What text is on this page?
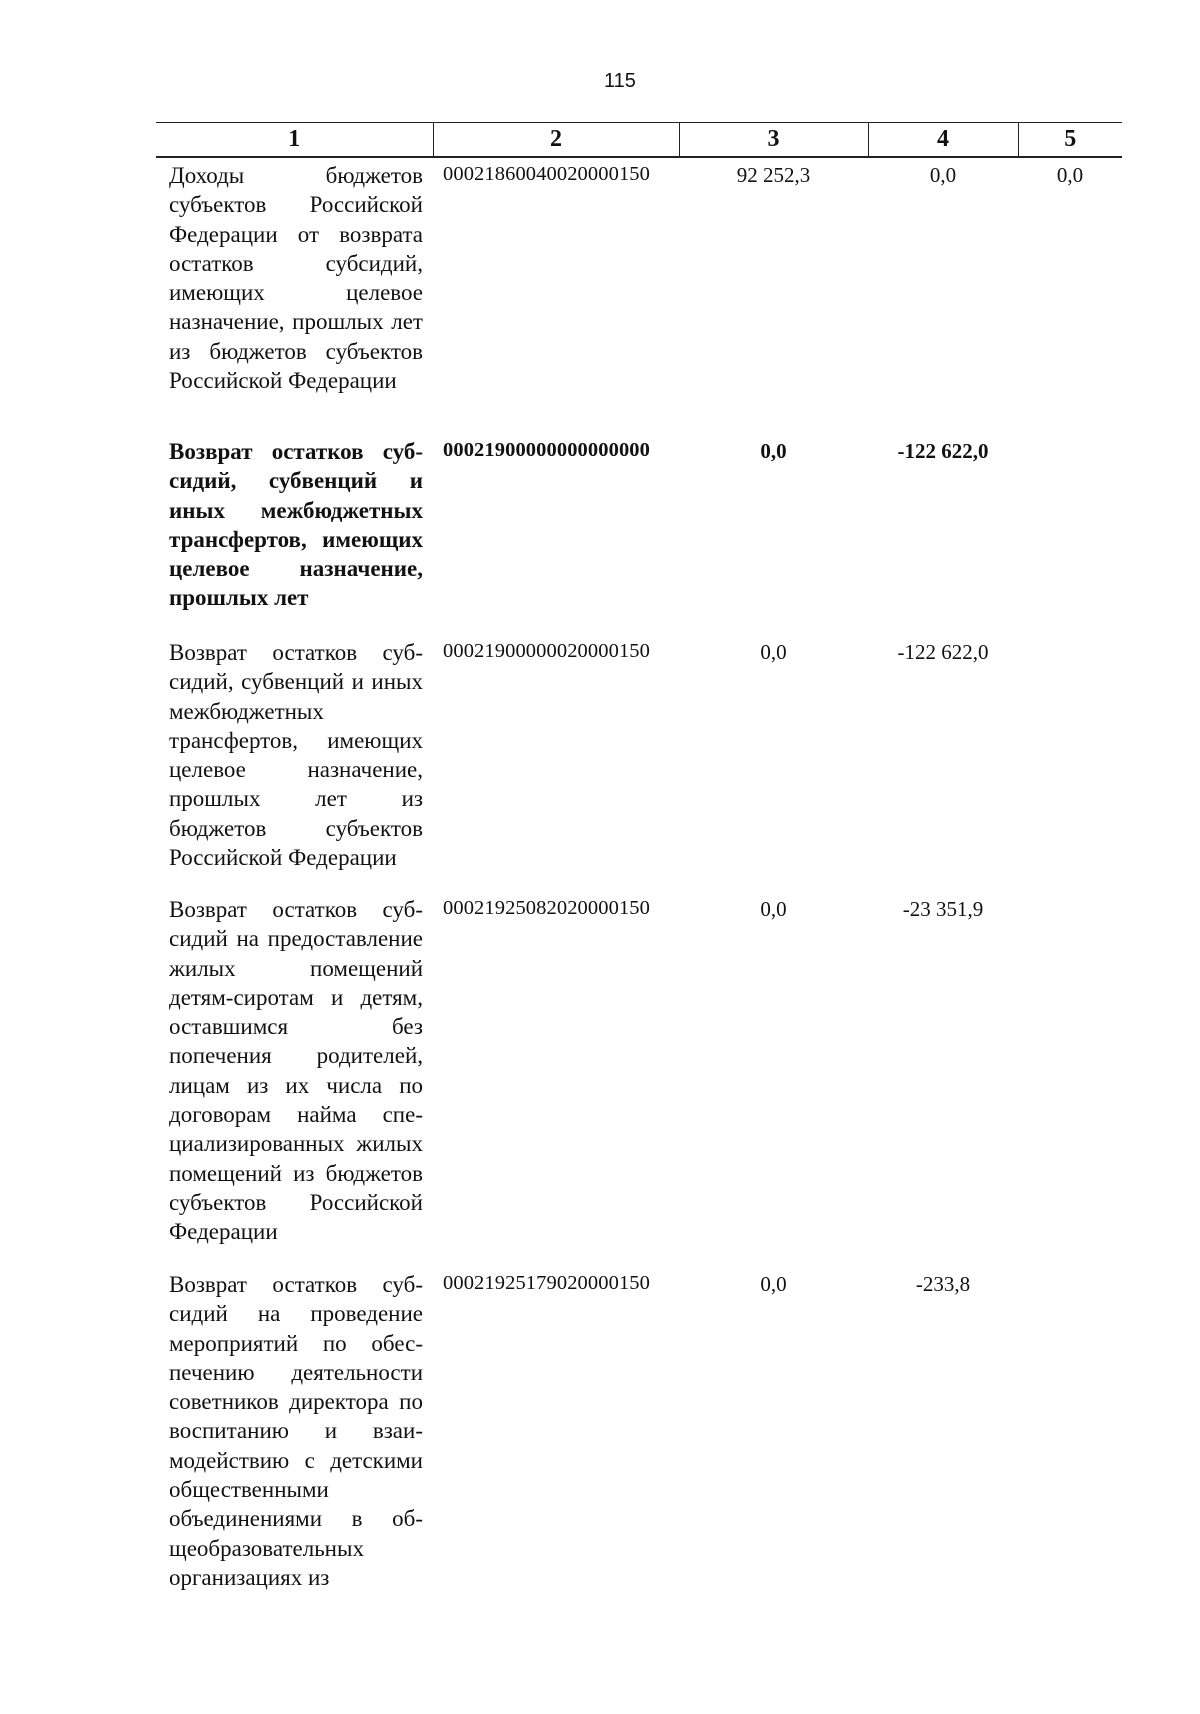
115
1	2	3	4	5
Доходы бюджетов субъектов Российской Федерации от возврата остатков субсидий, имеющих целевое назначение, прошлых лет из бюджетов субъектов Российской Федерации	00021860040020000150	92 252,3	0,0	0,0
Возврат остатков субсидий, субвенций и иных межбюджетных трансфертов, имеющих целевое назначение, прошлых лет	00021900000000000000	0,0	-122 622,0	
Возврат остатков субсидий, субвенций и иных межбюджетных трансфертов, имеющих целевое назначение, прошлых лет из бюджетов субъектов Российской Федерации	00021900000020000150	0,0	-122 622,0	
Возврат остатков субсидий на предоставление жилых помещений детям-сиротам и детям, оставшимся без попечения родителей, лицам из их числа по договорам найма специализированных жилых помещений из бюджетов субъектов Российской Федерации	00021925082020000150	0,0	-23 351,9	
Возврат остатков субсидий на проведение мероприятий по обеспечению деятельности советников директора по воспитанию и взаимодействию с детскими общественными объединениями в общеобразовательных организациях из	00021925179020000150	0,0	-233,8	
